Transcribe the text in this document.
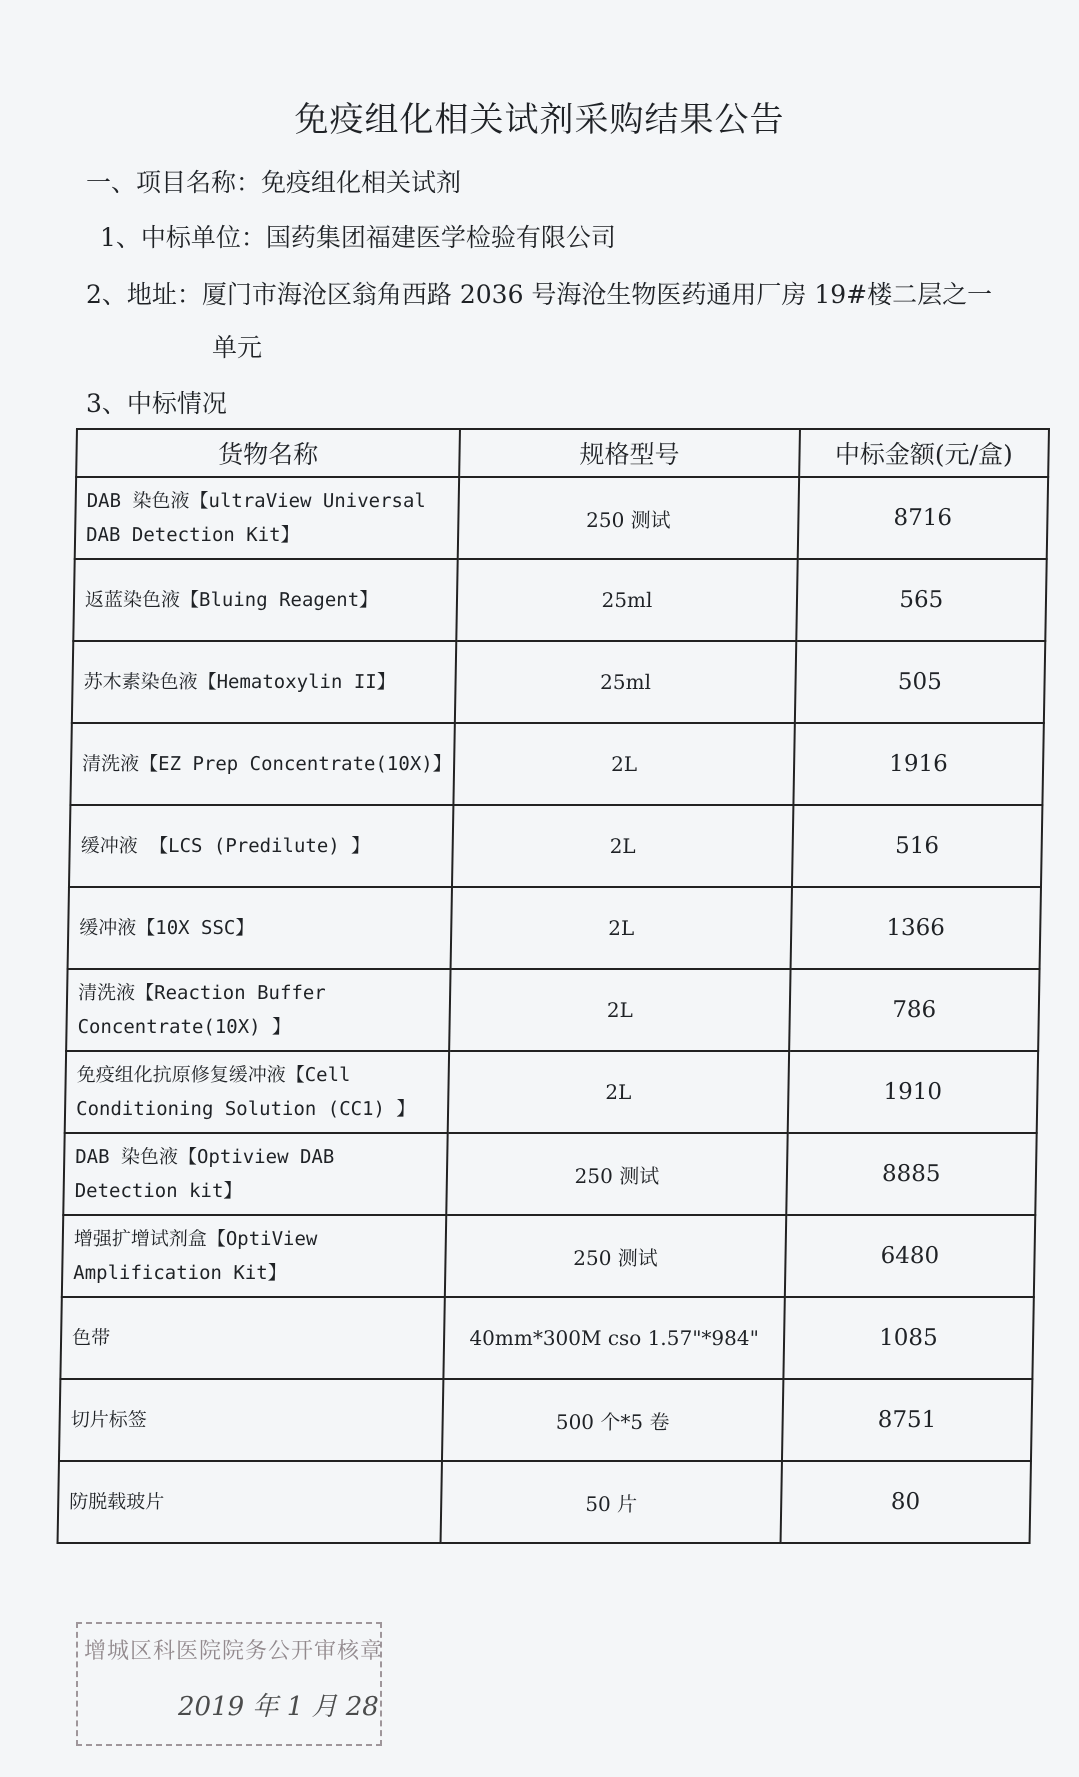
免疫组化相关试剂采购结果公告
一、项目名称：免疫组化相关试剂
1、中标单位：国药集团福建医学检验有限公司
2、地址：厦门市海沧区翁角西路 2036 号海沧生物医药通用厂房 19#楼二层之一
单元
3、中标情况
货物名称	规格型号	中标金额(元/盒)
DAB 染色液【ultraView Universal DAB Detection Kit】	250 测试	8716
返蓝染色液【Bluing Reagent】	25ml	565
苏木素染色液【Hematoxylin II】	25ml	505
清洗液【EZ Prep Concentrate(10X)】	2L	1916
缓冲液 【LCS (Predilute) 】	2L	516
缓冲液【10X SSC】	2L	1366
清洗液【Reaction Buffer Concentrate(10X) 】	2L	786
免疫组化抗原修复缓冲液【Cell Conditioning Solution (CC1) 】	2L	1910
DAB 染色液【Optiview DAB Detection kit】	250 测试	8885
增强扩增试剂盒【OptiView Amplification Kit】	250 测试	6480
色带	40mm*300M cso 1.57"*984"	1085
切片标签	500 个*5 卷	8751
防脱载玻片	50 片	80
增城区科医院院务公开审核章
2019 年 1 月 28
